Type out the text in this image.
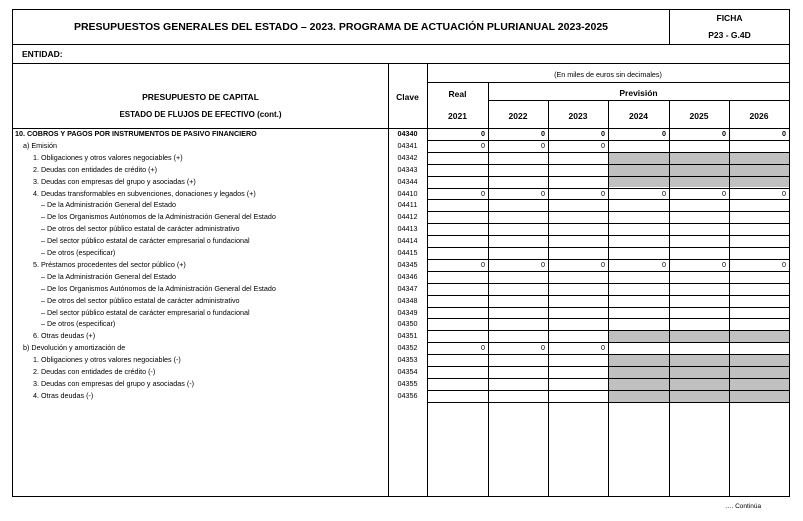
PRESUPUESTOS GENERALES DEL ESTADO – 2023. PROGRAMA DE ACTUACIÓN PLURIANUAL 2023-2025
FICHA
P23 - G.4D
ENTIDAD:
PRESUPUESTO DE CAPITAL
ESTADO DE FLUJOS DE EFECTIVO (cont.)
Clave
(En miles de euros sin decimales)
Real	Previsión
2021	2022	2023	2024	2025	2026
10. COBROS Y PAGOS POR INSTRUMENTOS DE PASIVO FINANCIERO	04340	0	0	0	0	0	0
a) Emisión	04341	0	0	0
1. Obligaciones y otros valores negociables (+)	04342
2. Deudas con entidades de crédito (+)	04343
3. Deudas con empresas del grupo y asociadas (+)	04344
4. Deudas transformables en subvenciones, donaciones y legados (+)	04410	0	0	0	0	0	0
– De la Administración General del Estado	04411
– De los Organismos Autónomos de la Administración General del Estado	04412
– De otros del sector público estatal de carácter administrativo	04413
– Del sector público estatal de carácter empresarial o fundacional	04414
– De otros (especificar)	04415
5. Préstamos procedentes del sector público (+)	04345	0	0	0	0	0	0
– De la Administración General del Estado	04346
– De los Organismos Autónomos de la Administración General del Estado	04347
– De otros del sector público estatal de carácter administrativo	04348
– Del sector público estatal de carácter empresarial o fundacional	04349
– De otros (especificar)	04350
6. Otras deudas (+)	04351
b) Devolución y amortización de	04352	0	0	0
1. Obligaciones y otros valores negociables (-)	04353
2. Deudas con entidades de crédito (-)	04354
3. Deudas con empresas del grupo y asociadas (-)	04355
4. Otras deudas (-)	04356
…. Continúa
